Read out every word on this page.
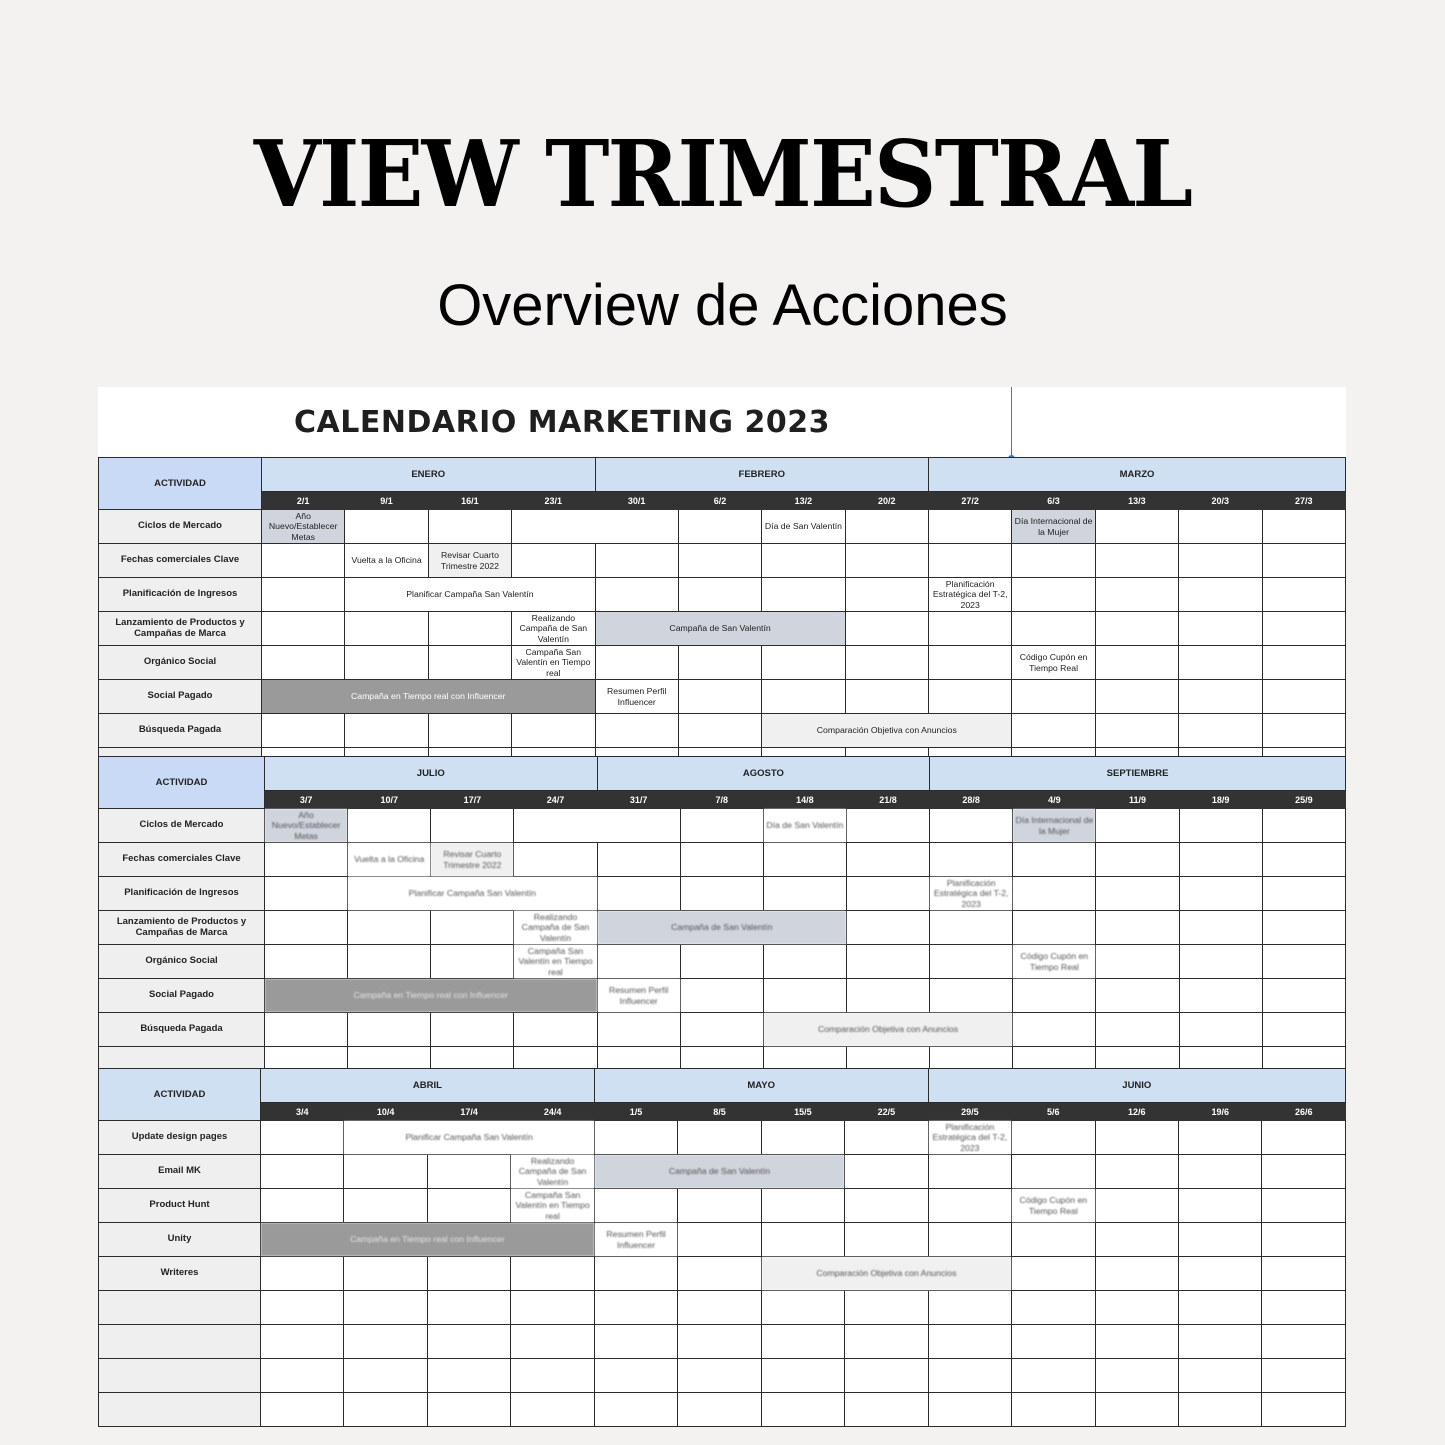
VIEW TRIMESTRAL
Overview de Acciones
CALENDARIO MARKETING 2023
ACTIVIDAD	ENERO				FEBRERO				MARZO				
	2/1	9/1	16/1	23/1	30/1	6/2	13/2	20/2	27/2	6/3	13/3	20/3	27/3
Ciclos de Mercado	Año Nuevo/Establecer Metas						Día de San Valentín			Día Internacional de la Mujer			
Fechas comerciales Clave		Vuelta a la Oficina	Revisar Cuarto Trimestre 2022										
Planificación de Ingresos		Planificar Campaña San Valentín							Planificación Estratégica del T-2, 2023				
Lanzamiento de Productos y Campañas de Marca				Realizando Campaña de San Valentín	Campaña de San Valentín								
Orgánico Social				Campaña San Valentín en Tiempo real						Código Cupón en Tiempo Real			
Social Pagado	Campaña en Tiempo real con Influencer				Resumen Perfil Influencer								
Búsqueda Pagada							Comparación Objetiva con Anuncios						

ACTIVIDAD	JULIO				AGOSTO				SEPTIEMBRE				
	3/7	10/7	17/7	24/7	31/7	7/8	14/8	21/8	28/8	4/9	11/9	18/9	25/9
Ciclos de Mercado	Año Nuevo/Establecer Metas						Día de San Valentín			Día Internacional de la Mujer			
Fechas comerciales Clave		Vuelta a la Oficina	Revisar Cuarto Trimestre 2022										
Planificación de Ingresos		Planificar Campaña San Valentín							Planificación Estratégica del T-2, 2023				
Lanzamiento de Productos y Campañas de Marca				Realizando Campaña de San Valentín	Campaña de San Valentín								
Orgánico Social				Campaña San Valentín en Tiempo real						Código Cupón en Tiempo Real			
Social Pagado	Campaña en Tiempo real con Influencer				Resumen Perfil Influencer								
Búsqueda Pagada							Comparación Objetiva con Anuncios						

ACTIVIDAD	ABRIL				MAYO				JUNIO				
	3/4	10/4	17/4	24/4	1/5	8/5	15/5	22/5	29/5	5/6	12/6	19/6	26/6
Update design pages		Planificar Campaña San Valentín							Planificación Estratégica del T-2, 2023				
Email MK				Realizando Campaña de San Valentín	Campaña de San Valentín								
Product Hunt				Campaña San Valentín en Tiempo real						Código Cupón en Tiempo Real			
Unity	Campaña en Tiempo real con Influencer				Resumen Perfil Influencer								
Writeres							Comparación Objetiva con Anuncios						
